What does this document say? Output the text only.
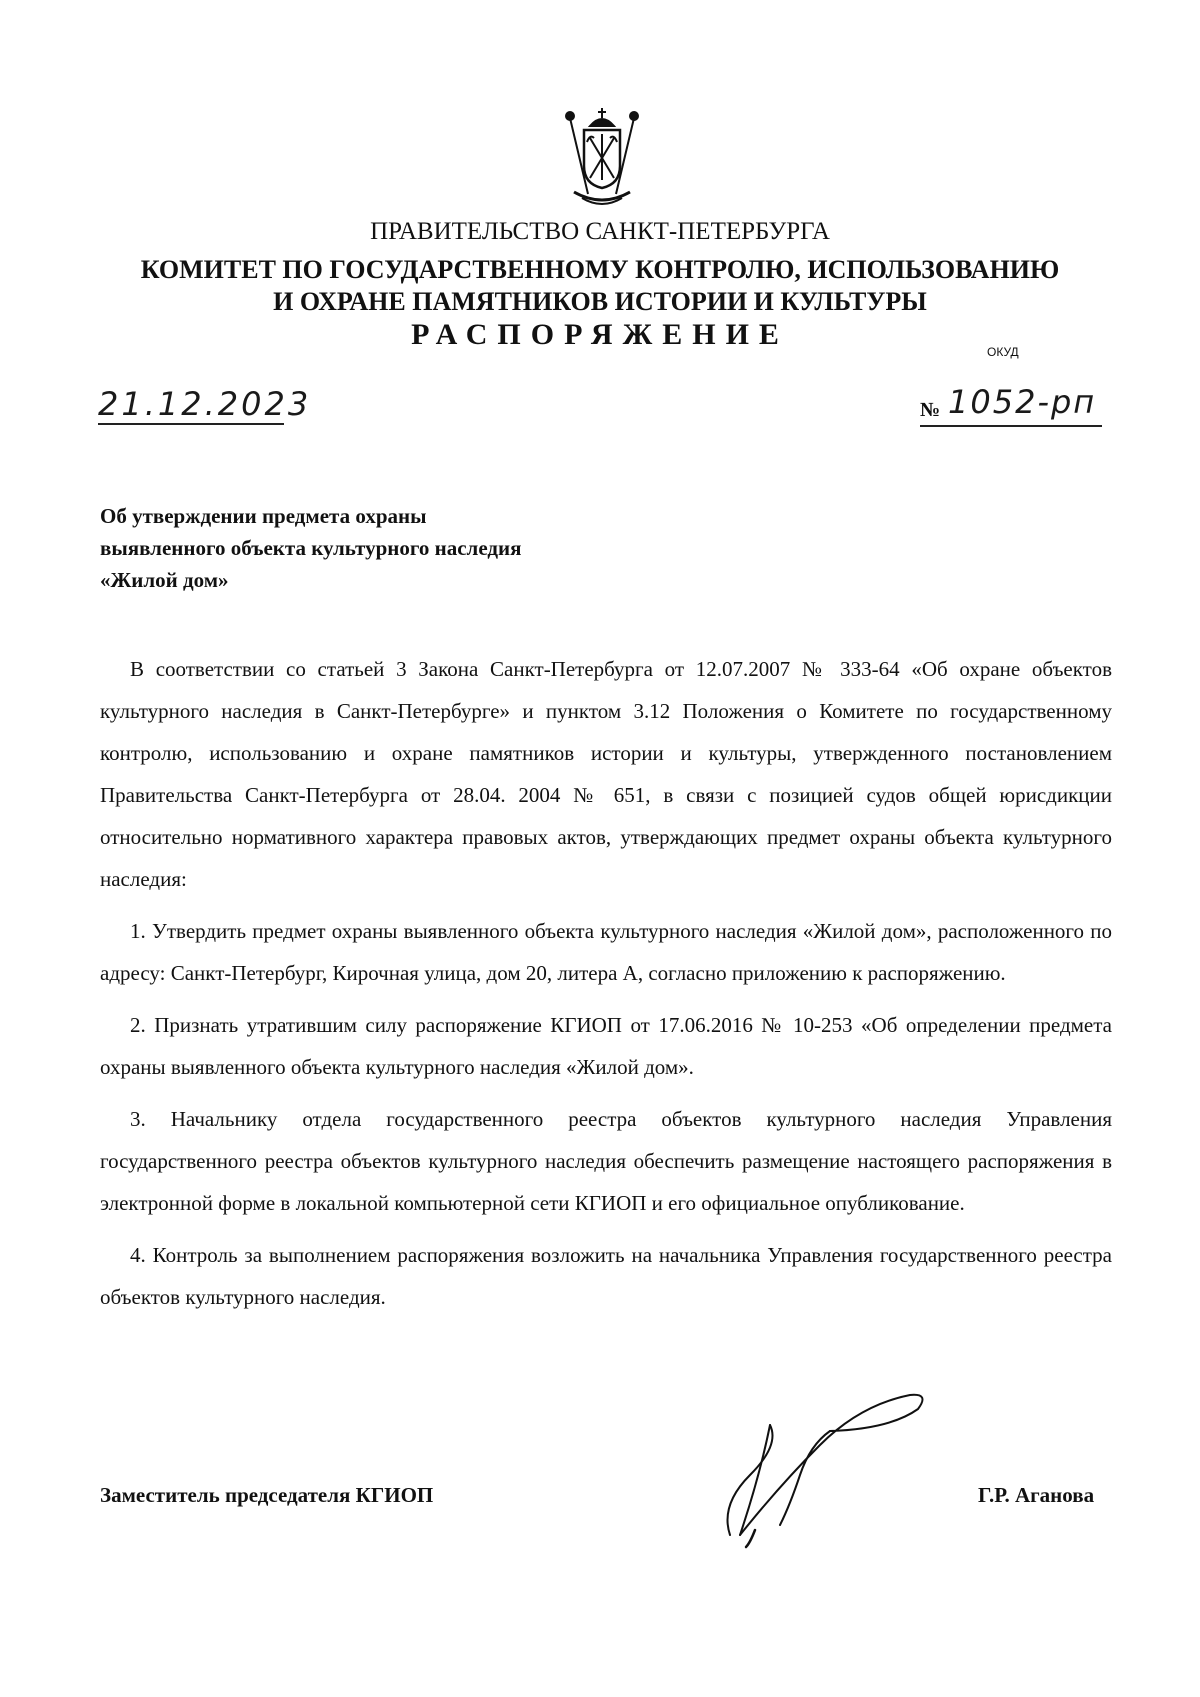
ПРАВИТЕЛЬСТВО САНКТ-ПЕТЕРБУРГА
КОМИТЕТ ПО ГОСУДАРСТВЕННОМУ КОНТРОЛЮ, ИСПОЛЬЗОВАНИЮ
И ОХРАНЕ ПАМЯТНИКОВ ИСТОРИИ И КУЛЬТУРЫ
РАСПОРЯЖЕНИЕ
ОКУД
21.12.2023	№ 1052-рп
Об утверждении предмета охраны
выявленного объекта культурного наследия
«Жилой дом»

В соответствии со статьей 3 Закона Санкт-Петербурга от 12.07.2007 № 333-64 «Об охране объектов культурного наследия в Санкт-Петербурге» и пунктом 3.12 Положения о Комитете по государственному контролю, использованию и охране памятников истории и культуры, утвержденного постановлением Правительства Санкт-Петербурга от 28.04. 2004 № 651, в связи с позицией судов общей юрисдикции относительно нормативного характера правовых актов, утверждающих предмет охраны объекта культурного наследия:

1. Утвердить предмет охраны выявленного объекта культурного наследия «Жилой дом», расположенного по адресу: Санкт-Петербург, Кирочная улица, дом 20, литера А, согласно приложению к распоряжению.

2. Признать утратившим силу распоряжение КГИОП от 17.06.2016 № 10-253 «Об определении предмета охраны выявленного объекта культурного наследия «Жилой дом».

3. Начальнику отдела государственного реестра объектов культурного наследия Управления государственного реестра объектов культурного наследия обеспечить размещение настоящего распоряжения в электронной форме в локальной компьютерной сети КГИОП и его официальное опубликование.

4. Контроль за выполнением распоряжения возложить на начальника Управления государственного реестра объектов культурного наследия.

Заместитель председателя КГИОП	Г.Р. Аганова
